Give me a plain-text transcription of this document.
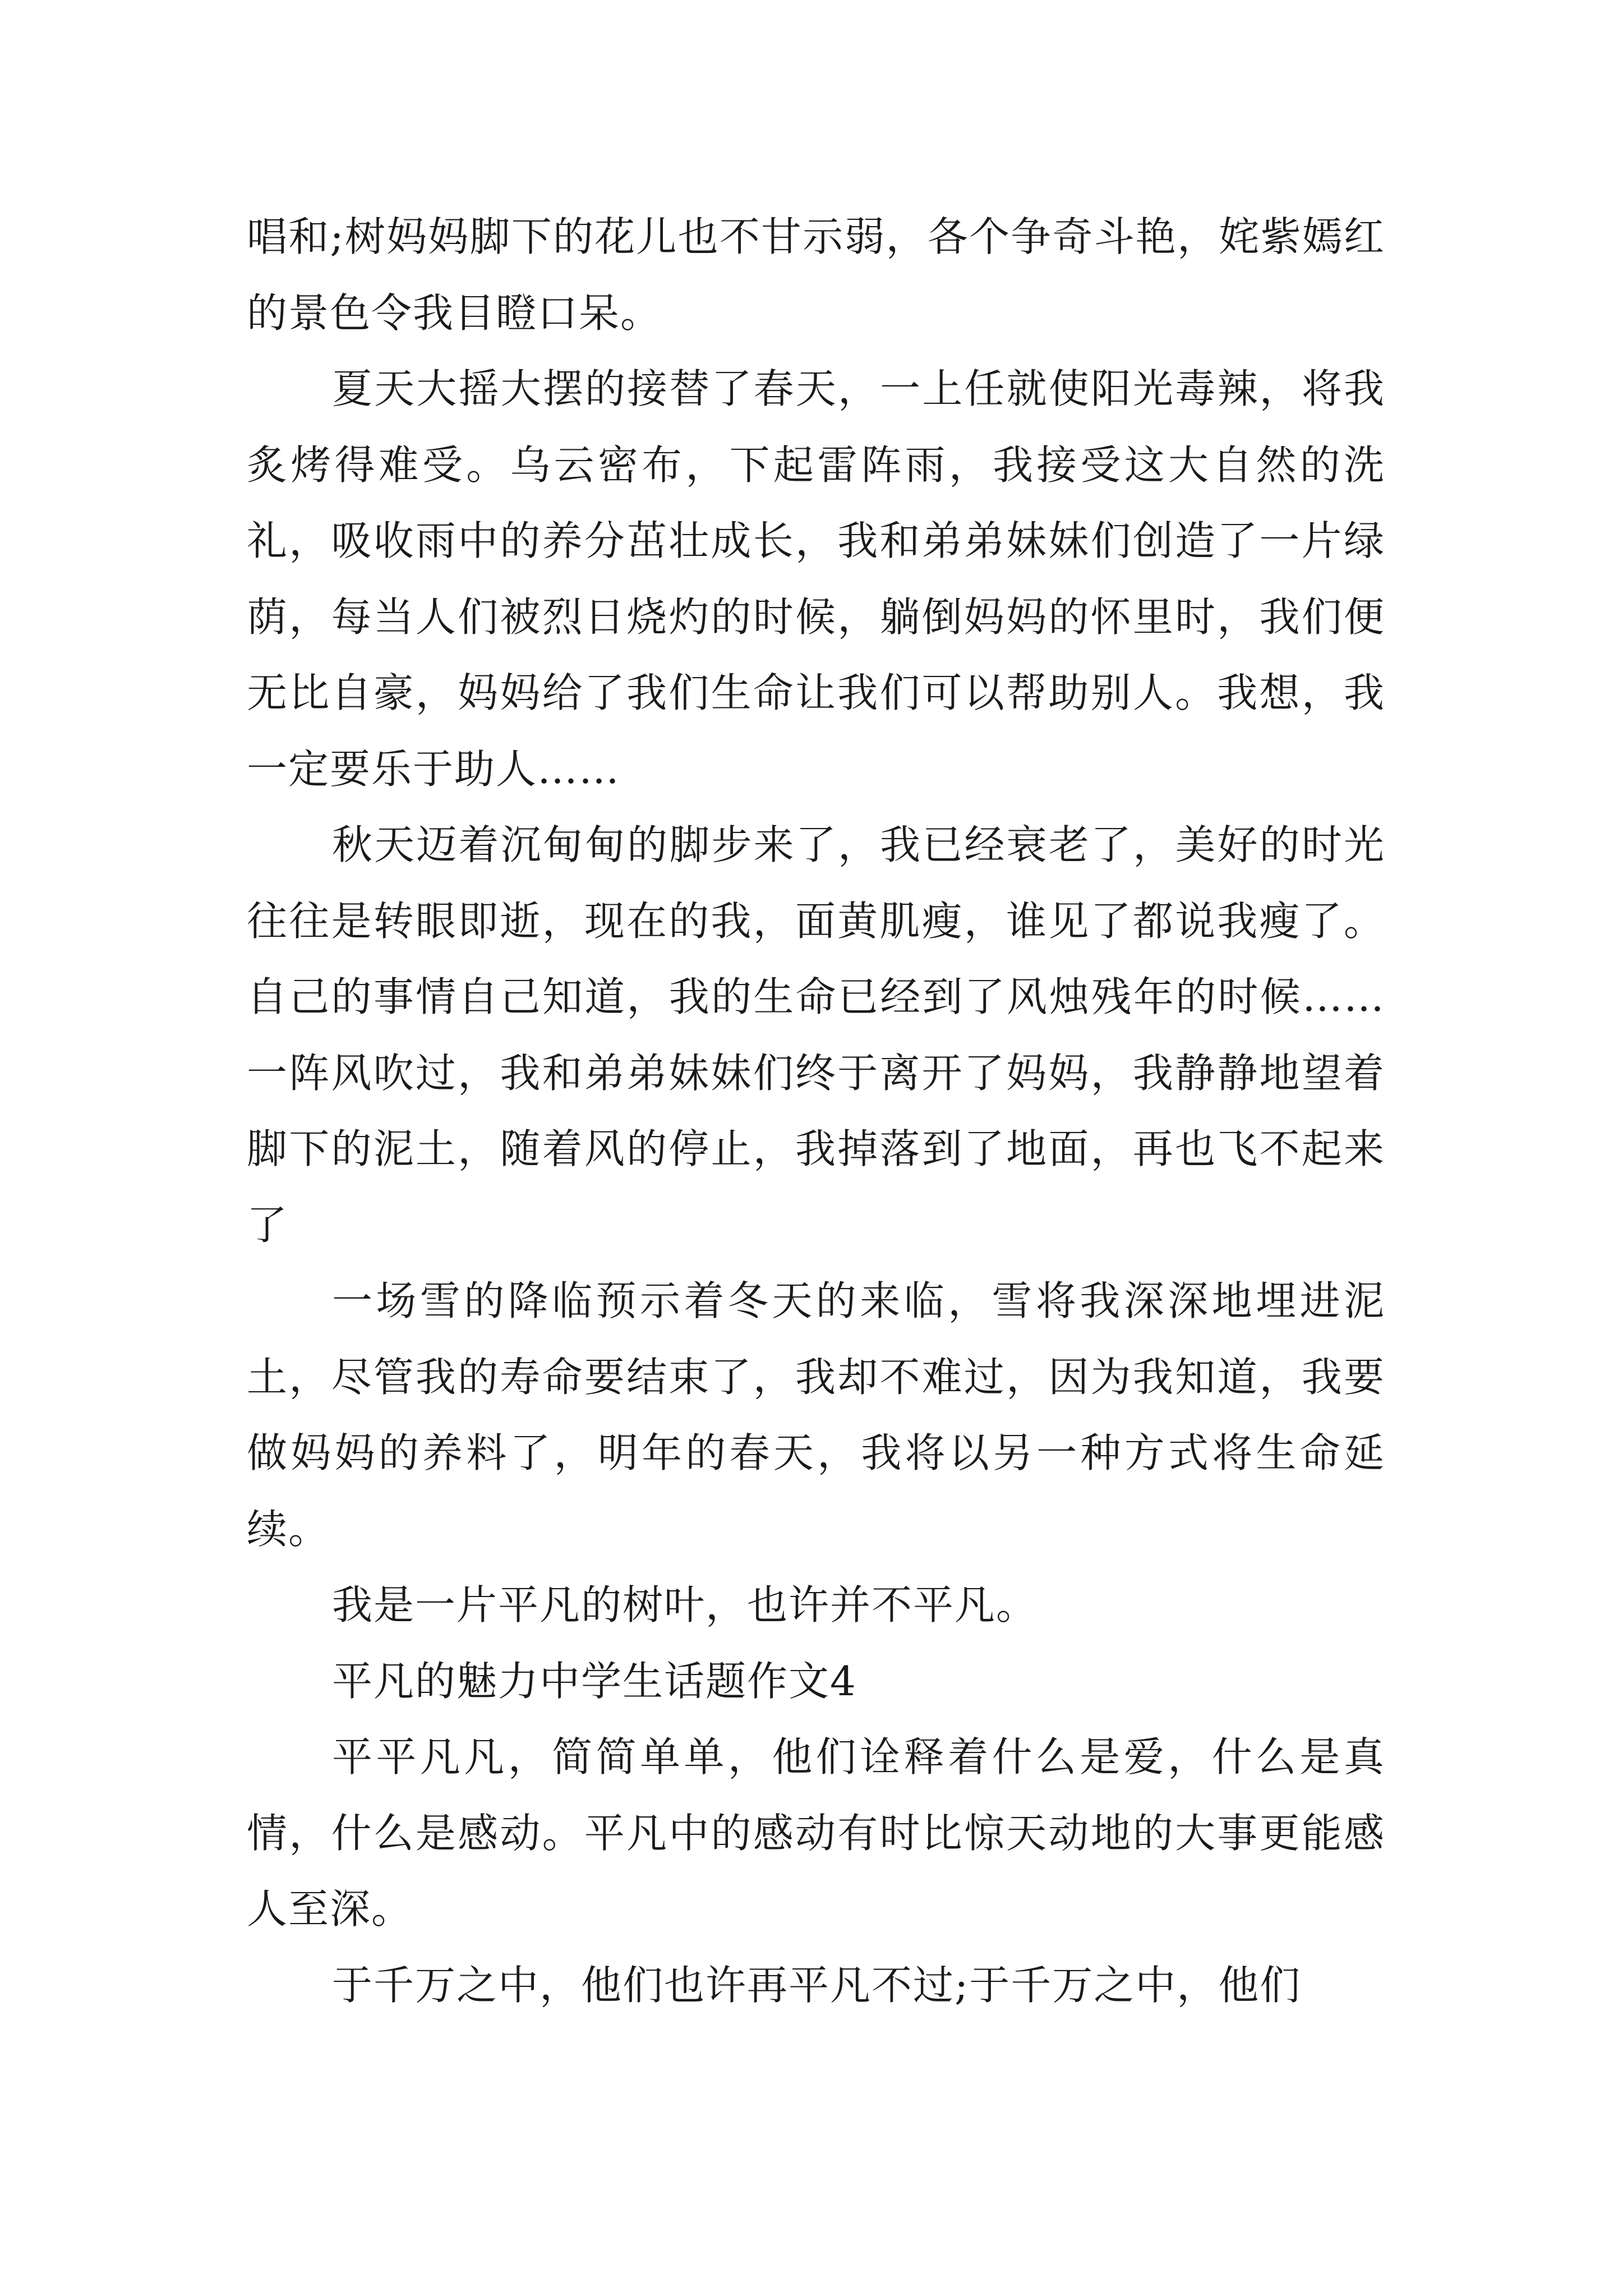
唱和;树妈妈脚下的花儿也不甘示弱，各个争奇斗艳，姹紫嫣红的景色令我目瞪口呆。

夏天大摇大摆的接替了春天，一上任就使阳光毒辣，将我炙烤得难受。乌云密布，下起雷阵雨，我接受这大自然的洗礼，吸收雨中的养分茁壮成长，我和弟弟妹妹们创造了一片绿荫，每当人们被烈日烧灼的时候，躺倒妈妈的怀里时，我们便无比自豪，妈妈给了我们生命让我们可以帮助别人。我想，我一定要乐于助人……

秋天迈着沉甸甸的脚步来了，我已经衰老了，美好的时光往往是转眼即逝，现在的我，面黄肌瘦，谁见了都说我瘦了。自己的事情自己知道，我的生命已经到了风烛残年的时候……一阵风吹过，我和弟弟妹妹们终于离开了妈妈，我静静地望着脚下的泥土，随着风的停止，我掉落到了地面，再也飞不起来了

一场雪的降临预示着冬天的来临，雪将我深深地埋进泥土，尽管我的寿命要结束了，我却不难过，因为我知道，我要做妈妈的养料了，明年的春天，我将以另一种方式将生命延续。

我是一片平凡的树叶，也许并不平凡。

平凡的魅力中学生话题作文4

平平凡凡，简简单单，他们诠释着什么是爱，什么是真情，什么是感动。平凡中的感动有时比惊天动地的大事更能感人至深。

于千万之中，他们也许再平凡不过;于千万之中，他们
